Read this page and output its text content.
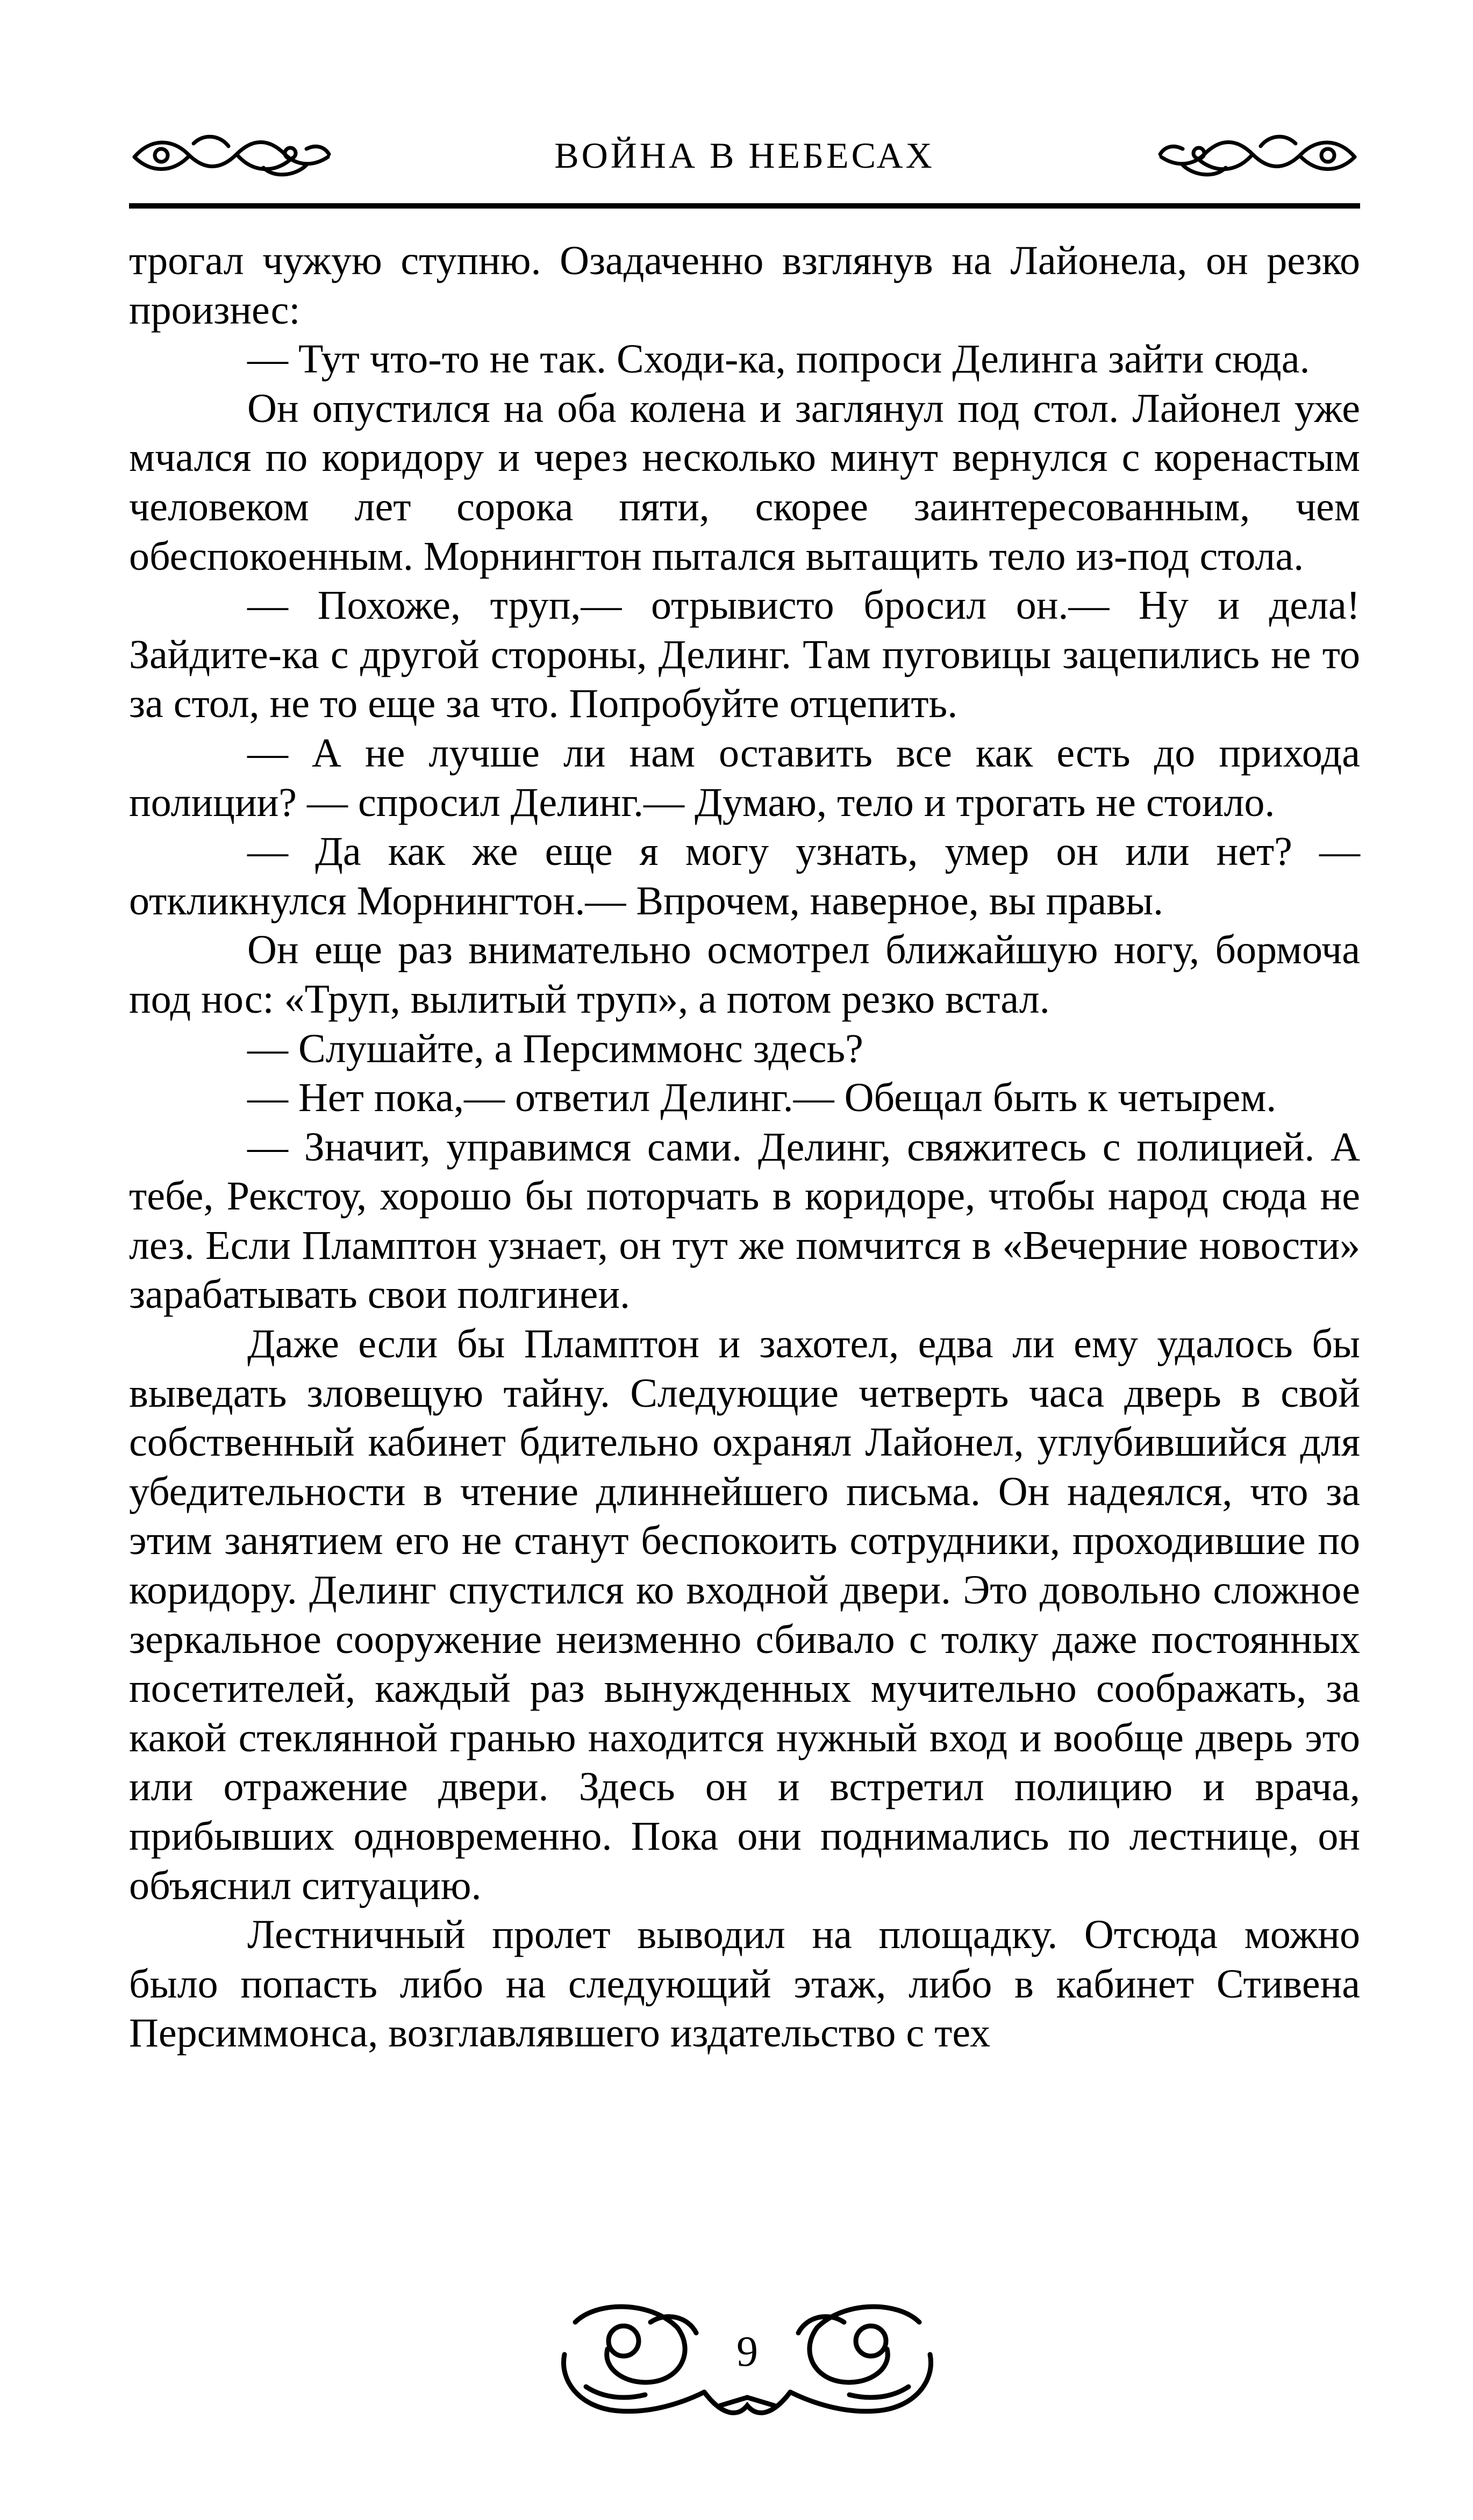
ВОЙНА В НЕБЕСАХ

трогал чужую ступню. Озадаченно взглянув на Лайонела, он резко произнес:

— Тут что-то не так. Сходи-ка, попроси Делинга зайти сюда.

Он опустился на оба колена и заглянул под стол. Лайонел уже мчался по коридору и через несколько минут вернулся с коренастым человеком лет сорока пяти, скорее заинтересованным, чем обеспокоенным. Морнингтон пытался вытащить тело из-под стола.

— Похоже, труп,— отрывисто бросил он.— Ну и дела! Зайдите-ка с другой стороны, Делинг. Там пуговицы зацепились не то за стол, не то еще за что. Попробуйте отцепить.

— А не лучше ли нам оставить все как есть до прихода полиции? — спросил Делинг.— Думаю, тело и трогать не стоило.

— Да как же еще я могу узнать, умер он или нет? — откликнулся Морнингтон.— Впрочем, наверное, вы правы.

Он еще раз внимательно осмотрел ближайшую ногу, бормоча под нос: «Труп, вылитый труп», а потом резко встал.

— Слушайте, а Персиммонс здесь?

— Нет пока,— ответил Делинг.— Обещал быть к четырем.

— Значит, управимся сами. Делинг, свяжитесь с полицией. А тебе, Рекстоу, хорошо бы поторчать в коридоре, чтобы народ сюда не лез. Если Пламптон узнает, он тут же помчится в «Вечерние новости» зарабатывать свои полгинеи.

Даже если бы Пламптон и захотел, едва ли ему удалось бы выведать зловещую тайну. Следующие четверть часа дверь в свой собственный кабинет бдительно охранял Лайонел, углубившийся для убедительности в чтение длиннейшего письма. Он надеялся, что за этим занятием его не станут беспокоить сотрудники, проходившие по коридору. Делинг спустился ко входной двери. Это довольно сложное зеркальное сооружение неизменно сбивало с толку даже постоянных посетителей, каждый раз вынужденных мучительно соображать, за какой стеклянной гранью находится нужный вход и вообще дверь это или отражение двери. Здесь он и встретил полицию и врача, прибывших одновременно. Пока они поднимались по лестнице, он объяснил ситуацию.

Лестничный пролет выводил на площадку. Отсюда можно было попасть либо на следующий этаж, либо в кабинет Стивена Персиммонса, возглавлявшего издательство с тех

9
